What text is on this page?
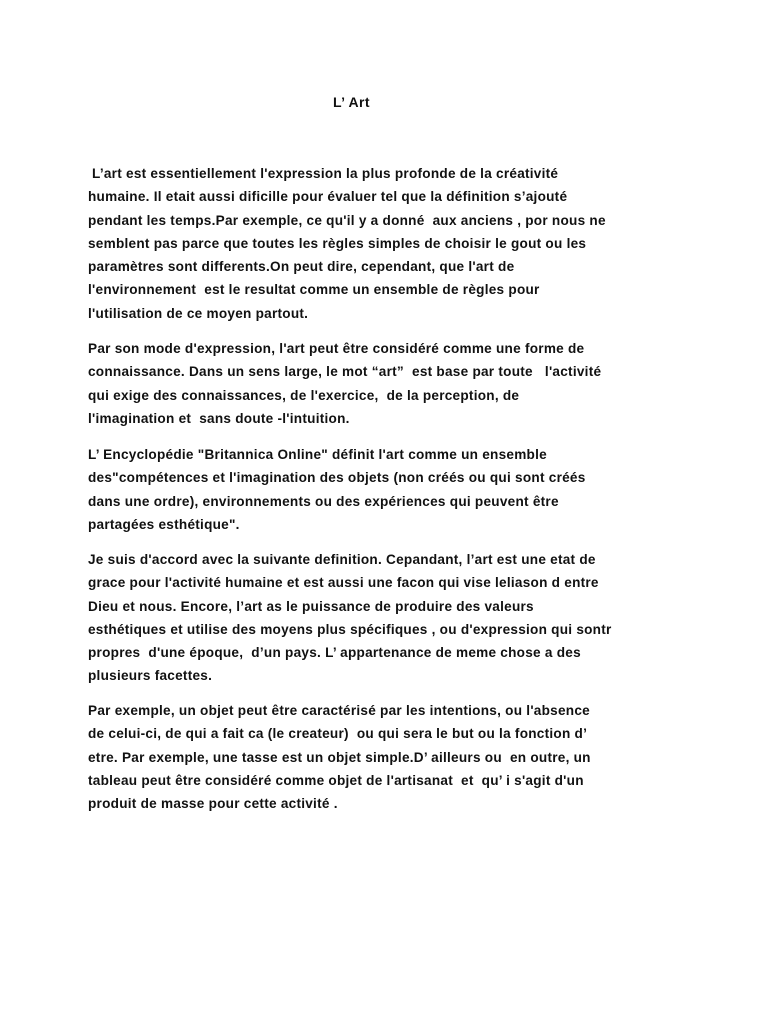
L’ Art

L’art est essentiellement l'expression la plus profonde de la créativité
humaine. Il etait aussi dificille pour évaluer tel que la définition s’ajouté
pendant les temps.Par exemple, ce qu'il y a donné  aux anciens , por nous ne
semblent pas parce que toutes les règles simples de choisir le gout ou les
paramètres sont differents.On peut dire, cependant, que l'art de
l'environnement  est le resultat comme un ensemble de règles pour
l'utilisation de ce moyen partout.

Par son mode d'expression, l'art peut être considéré comme une forme de
connaissance. Dans un sens large, le mot “art”  est base par toute   l'activité
qui exige des connaissances, de l'exercice,  de la perception, de
l'imagination et  sans doute -l'intuition.

L’ Encyclopédie "Britannica Online" définit l'art comme un ensemble
des"compétences et l'imagination des objets (non créés ou qui sont créés
dans une ordre), environnements ou des expériences qui peuvent être
partagées esthétique".

Je suis d'accord avec la suivante definition. Cepandant, l’art est une etat de
grace pour l'activité humaine et est aussi une facon qui vise leliason d entre
Dieu et nous. Encore, l’art as le puissance de produire des valeurs
esthétiques et utilise des moyens plus spécifiques , ou d'expression qui sontr
propres  d'une époque,  d’un pays. L’ appartenance de meme chose a des
plusieurs facettes.

Par exemple, un objet peut être caractérisé par les intentions, ou l'absence
de celui-ci, de qui a fait ca (le createur)  ou qui sera le but ou la fonction d’
etre. Par exemple, une tasse est un objet simple.D’ ailleurs ou  en outre, un
tableau peut être considéré comme objet de l'artisanat  et  qu’ i s'agit d'un
produit de masse pour cette activité .
